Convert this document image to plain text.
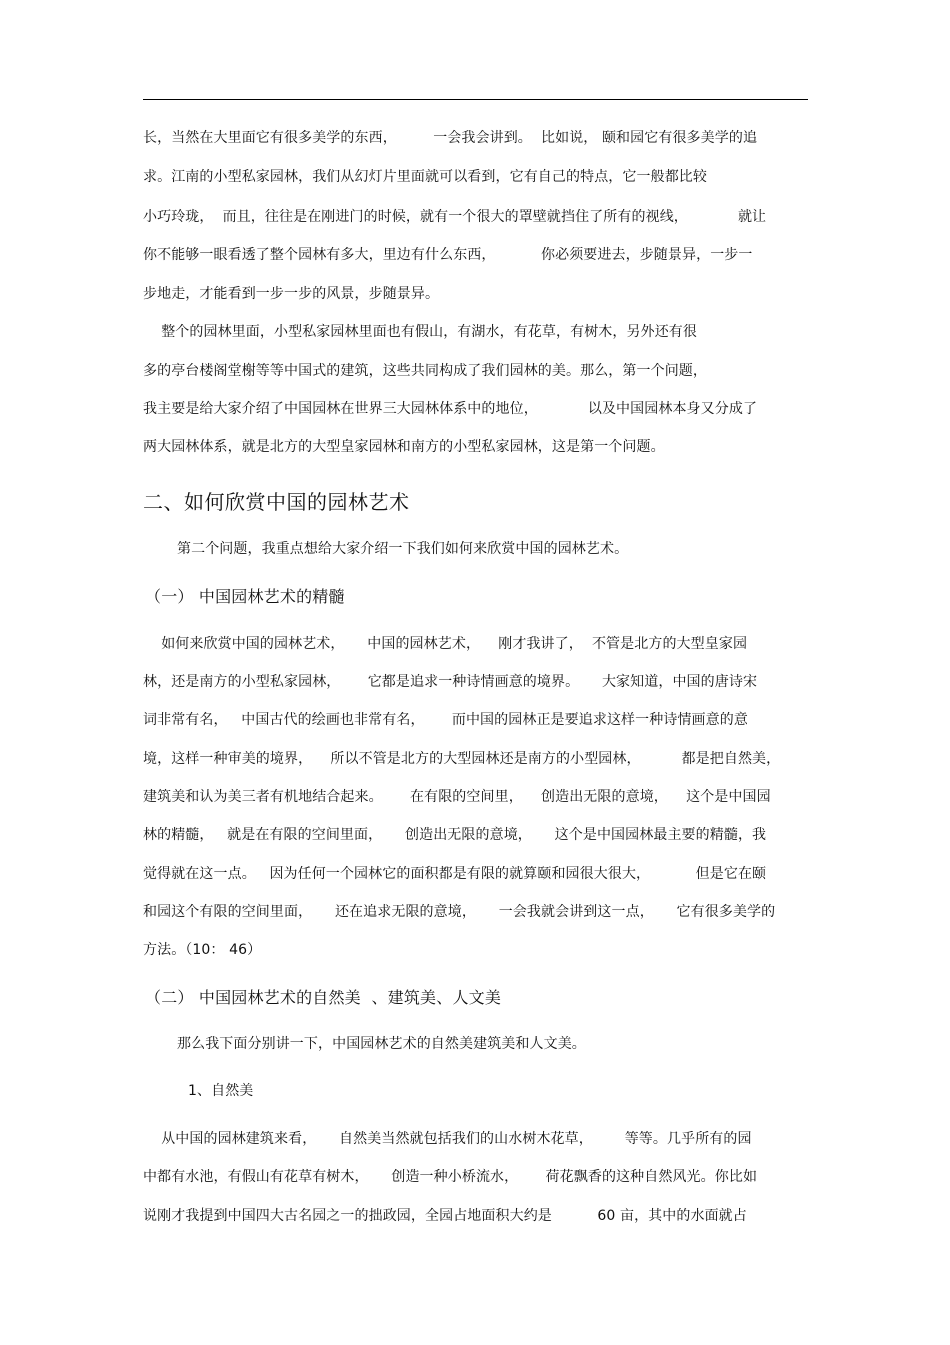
长，当然在大里面它有很多美学的东西，        一会我会讲到。  比如说， 颐和园它有很多美学的追
求。江南的小型私家园林，我们从幻灯片里面就可以看到，它有自己的特点，它一般都比较
小巧玲珑，  而且，往往是在刚进门的时候，就有一个很大的罩壁就挡住了所有的视线，           就让
你不能够一眼看透了整个园林有多大，里边有什么东西，          你必须要进去，步随景异，一步一
步地走，才能看到一步一步的风景，步随景异。
整个的园林里面，小型私家园林里面也有假山，有湖水，有花草，有树木，另外还有很
多的亭台楼阁堂榭等等中国式的建筑，这些共同构成了我们园林的美。那么，第一个问题，
我主要是给大家介绍了中国园林在世界三大园林体系中的地位，           以及中国园林本身又分成了
两大园林体系，就是北方的大型皇家园林和南方的小型私家园林，这是第一个问题。
二、如何欣赏中国的园林艺术
第二个问题，我重点想给大家介绍一下我们如何来欣赏中国的园林艺术。
（一） 中国园林艺术的精髓
如何来欣赏中国的园林艺术，     中国的园林艺术，    刚才我讲了，  不管是北方的大型皇家园
林，还是南方的小型私家园林，      它都是追求一种诗情画意的境界。     大家知道，中国的唐诗宋
词非常有名，   中国古代的绘画也非常有名，      而中国的园林正是要追求这样一种诗情画意的意
境，这样一种审美的境界，    所以不管是北方的大型园林还是南方的小型园林，         都是把自然美，
建筑美和认为美三者有机地结合起来。      在有限的空间里，    创造出无限的意境，    这个是中国园
林的精髓，   就是在有限的空间里面，     创造出无限的意境，     这个是中国园林最主要的精髓，我
觉得就在这一点。   因为任何一个园林它的面积都是有限的就算颐和园很大很大，          但是它在颐
和园这个有限的空间里面，     还在追求无限的意境，     一会我就会讲到这一点，     它有很多美学的
方法。（10： 46）
（二） 中国园林艺术的自然美  、建筑美、人文美
那么我下面分别讲一下，中国园林艺术的自然美建筑美和人文美。
1、自然美
从中国的园林建筑来看，     自然美当然就包括我们的山水树木花草，       等等。几乎所有的园
中都有水池，有假山有花草有树木，     创造一种小桥流水，      荷花飘香的这种自然风光。你比如
说刚才我提到中国四大古名园之一的拙政园，全园占地面积大约是          60 亩，其中的水面就占
